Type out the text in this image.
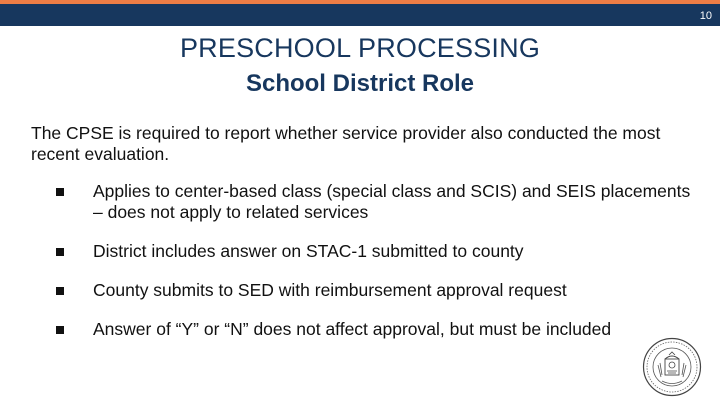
10
PRESCHOOL PROCESSING
School District Role
The CPSE is required to report whether service provider also conducted the most recent evaluation.
Applies to center-based class (special class and SCIS) and SEIS placements – does not apply to related services
District includes answer on STAC-1 submitted to county
County submits to SED with reimbursement approval request
Answer of “Y” or “N” does not affect approval, but must be included
